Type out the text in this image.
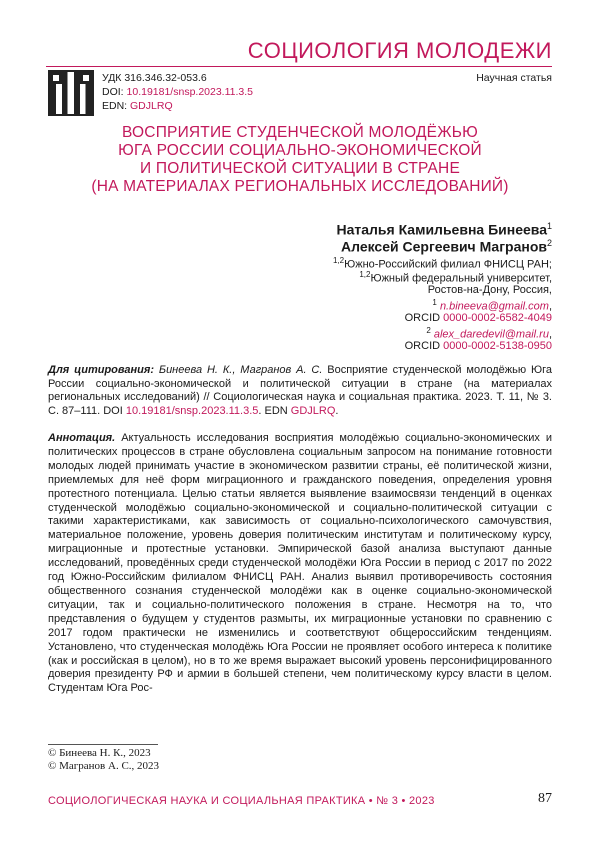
СОЦИОЛОГИЯ МОЛОДЕЖИ
УДК 316.346.32-053.6
DOI: 10.19181/snsp.2023.11.3.5
EDN: GDJLRQ
Научная статья
ВОСПРИЯТИЕ СТУДЕНЧЕСКОЙ МОЛОДЁЖЬЮ
ЮГА РОССИИ СОЦИАЛЬНО-ЭКОНОМИЧЕСКОЙ
И ПОЛИТИЧЕСКОЙ СИТУАЦИИ В СТРАНЕ
(НА МАТЕРИАЛАХ РЕГИОНАЛЬНЫХ ИССЛЕДОВАНИЙ)
Наталья Камильевна Бинеева$^1$
Алексей Сергеевич Магранов$^2$
$^{1,2}$Южно-Российский филиал ФНИСЦ РАН;
$^{1,2}$Южный федеральный университет,
Ростов-на-Дону, Россия,
$^1$ n.bineeva@gmail.com,
ORCID 0000-0002-6582-4049
$^2$ alex_daredevil@mail.ru,
ORCID 0000-0002-5138-0950
Для цитирования: Бинеева Н. К., Магранов А. С. Восприятие студенческой молодёжью Юга России социально-экономической и политической ситуации в стране (на материалах региональных исследований) // Социологическая наука и социальная практика. 2023. Т. 11, № 3. С. 87–111. DOI 10.19181/snsp.2023.11.3.5. EDN GDJLRQ.
Аннотация. Актуальность исследования восприятия молодёжью социально-экономических и политических процессов в стране обусловлена социальным запросом на понимание готовности молодых людей принимать участие в экономическом развитии страны, её политической жизни, приемлемых для неё форм миграционного и гражданского поведения, определения уровня протестного потенциала. Целью статьи является выявление взаимосвязи тенденций в оценках студенческой молодёжью социально-экономической и социально-политической ситуации с такими характеристиками, как зависимость от социально-психологического самочувствия, материальное положение, уровень доверия политическим институтам и политическому курсу, миграционные и протестные установки. Эмпирической базой анализа выступают данные исследований, проведённых среди студенческой молодёжи Юга России в период с 2017 по 2022 год Южно-Российским филиалом ФНИСЦ РАН. Анализ выявил противоречивость состояния общественного сознания студенческой молодёжи как в оценке социально-экономической ситуации, так и социально-политического положения в стране. Несмотря на то, что представления о будущем у студентов размыты, их миграционные установки по сравнению с 2017 годом практически не изменились и соответствуют общероссийским тенденциям. Установлено, что студенческая молодёжь Юга России не проявляет особого интереса к политике (как и российская в целом), но в то же время выражает высокий уровень персонифицированного доверия президенту РФ и армии в большей степени, чем политическому курсу власти в целом. Студентам Юга Рос-
© Бинеева Н. К., 2023
© Магранов А. С., 2023
СОЦИОЛОГИЧЕСКАЯ НАУКА И СОЦИАЛЬНАЯ ПРАКТИКА • № 3 • 2023	87
